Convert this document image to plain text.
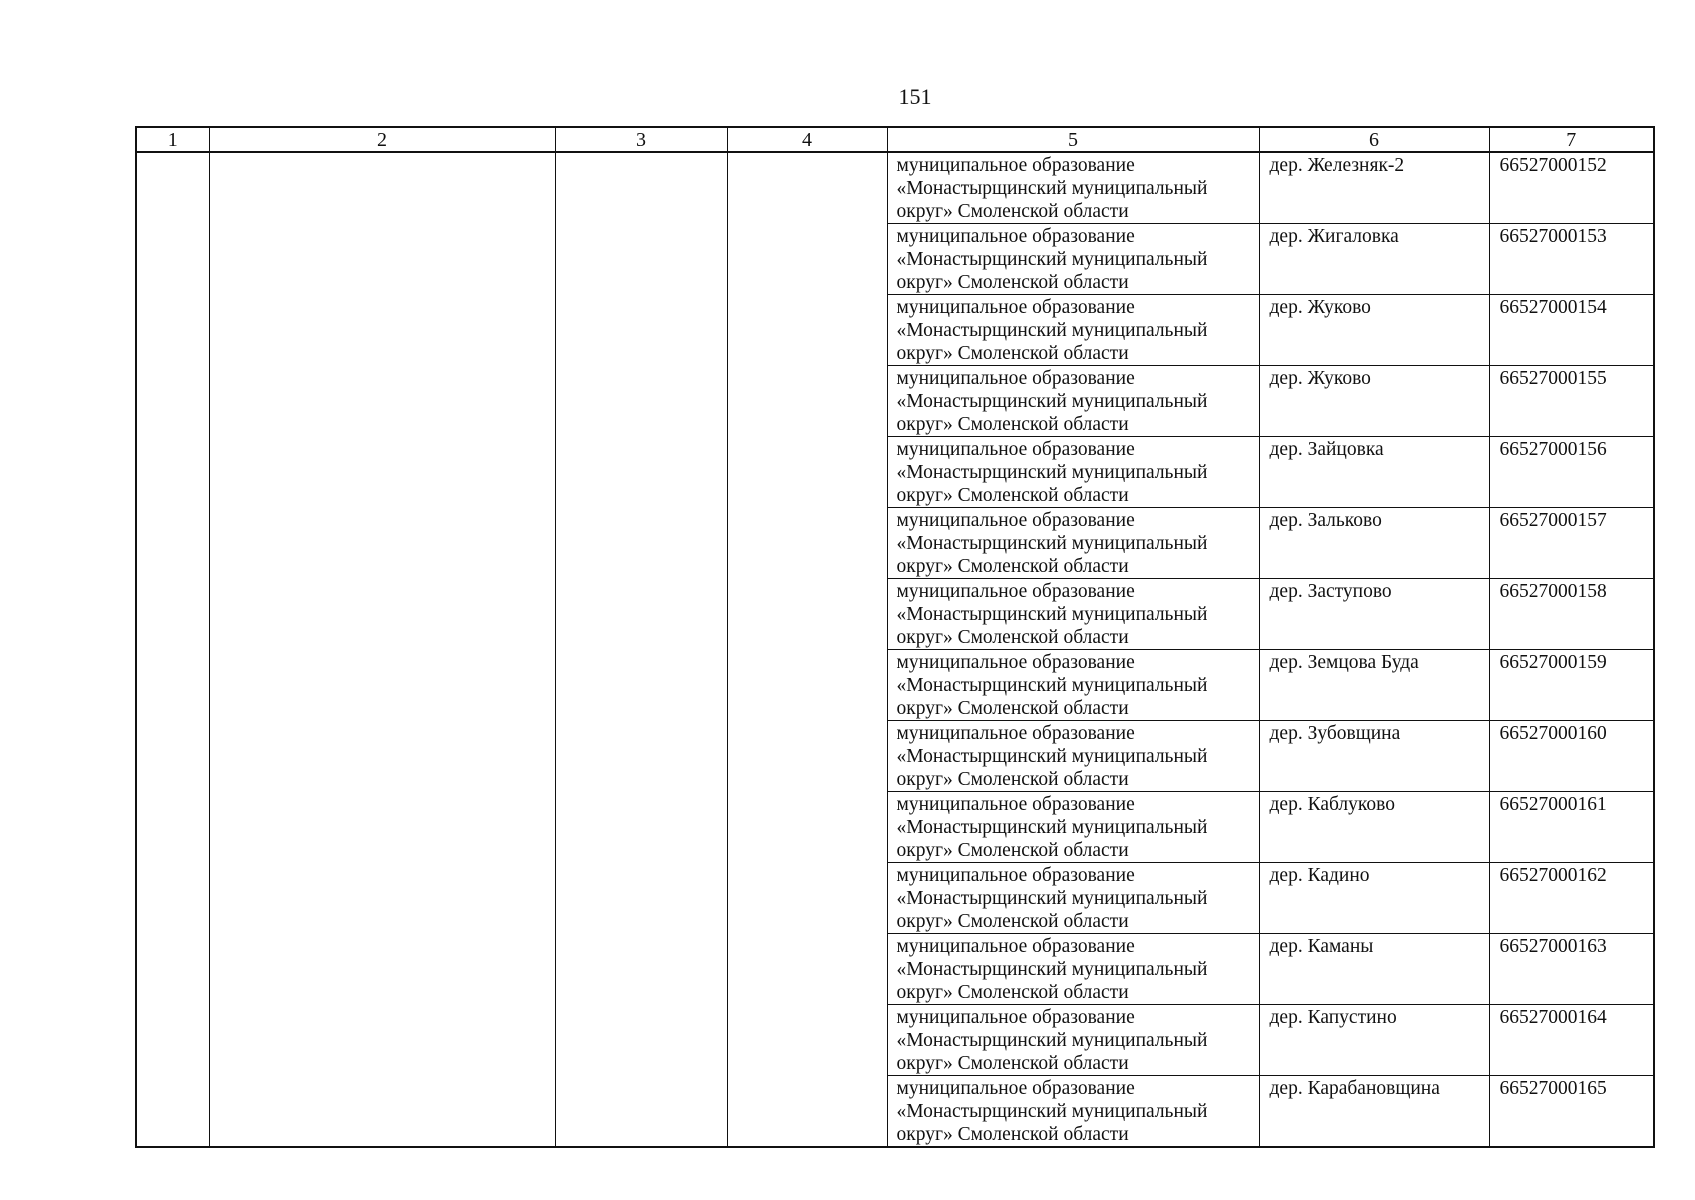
151
1	2	3	4	5	6	7
				муниципальное образование «Монастырщинский муниципальный округ» Смоленской области	дер. Железняк-2	66527000152
				муниципальное образование «Монастырщинский муниципальный округ» Смоленской области	дер. Жигаловка	66527000153
				муниципальное образование «Монастырщинский муниципальный округ» Смоленской области	дер. Жуково	66527000154
				муниципальное образование «Монастырщинский муниципальный округ» Смоленской области	дер. Жуково	66527000155
				муниципальное образование «Монастырщинский муниципальный округ» Смоленской области	дер. Зайцовка	66527000156
				муниципальное образование «Монастырщинский муниципальный округ» Смоленской области	дер. Зальково	66527000157
				муниципальное образование «Монастырщинский муниципальный округ» Смоленской области	дер. Заступово	66527000158
				муниципальное образование «Монастырщинский муниципальный округ» Смоленской области	дер. Земцова Буда	66527000159
				муниципальное образование «Монастырщинский муниципальный округ» Смоленской области	дер. Зубовщина	66527000160
				муниципальное образование «Монастырщинский муниципальный округ» Смоленской области	дер. Каблуково	66527000161
				муниципальное образование «Монастырщинский муниципальный округ» Смоленской области	дер. Кадино	66527000162
				муниципальное образование «Монастырщинский муниципальный округ» Смоленской области	дер. Каманы	66527000163
				муниципальное образование «Монастырщинский муниципальный округ» Смоленской области	дер. Капустино	66527000164
				муниципальное образование «Монастырщинский муниципальный округ» Смоленской области	дер. Карабановщина	66527000165
